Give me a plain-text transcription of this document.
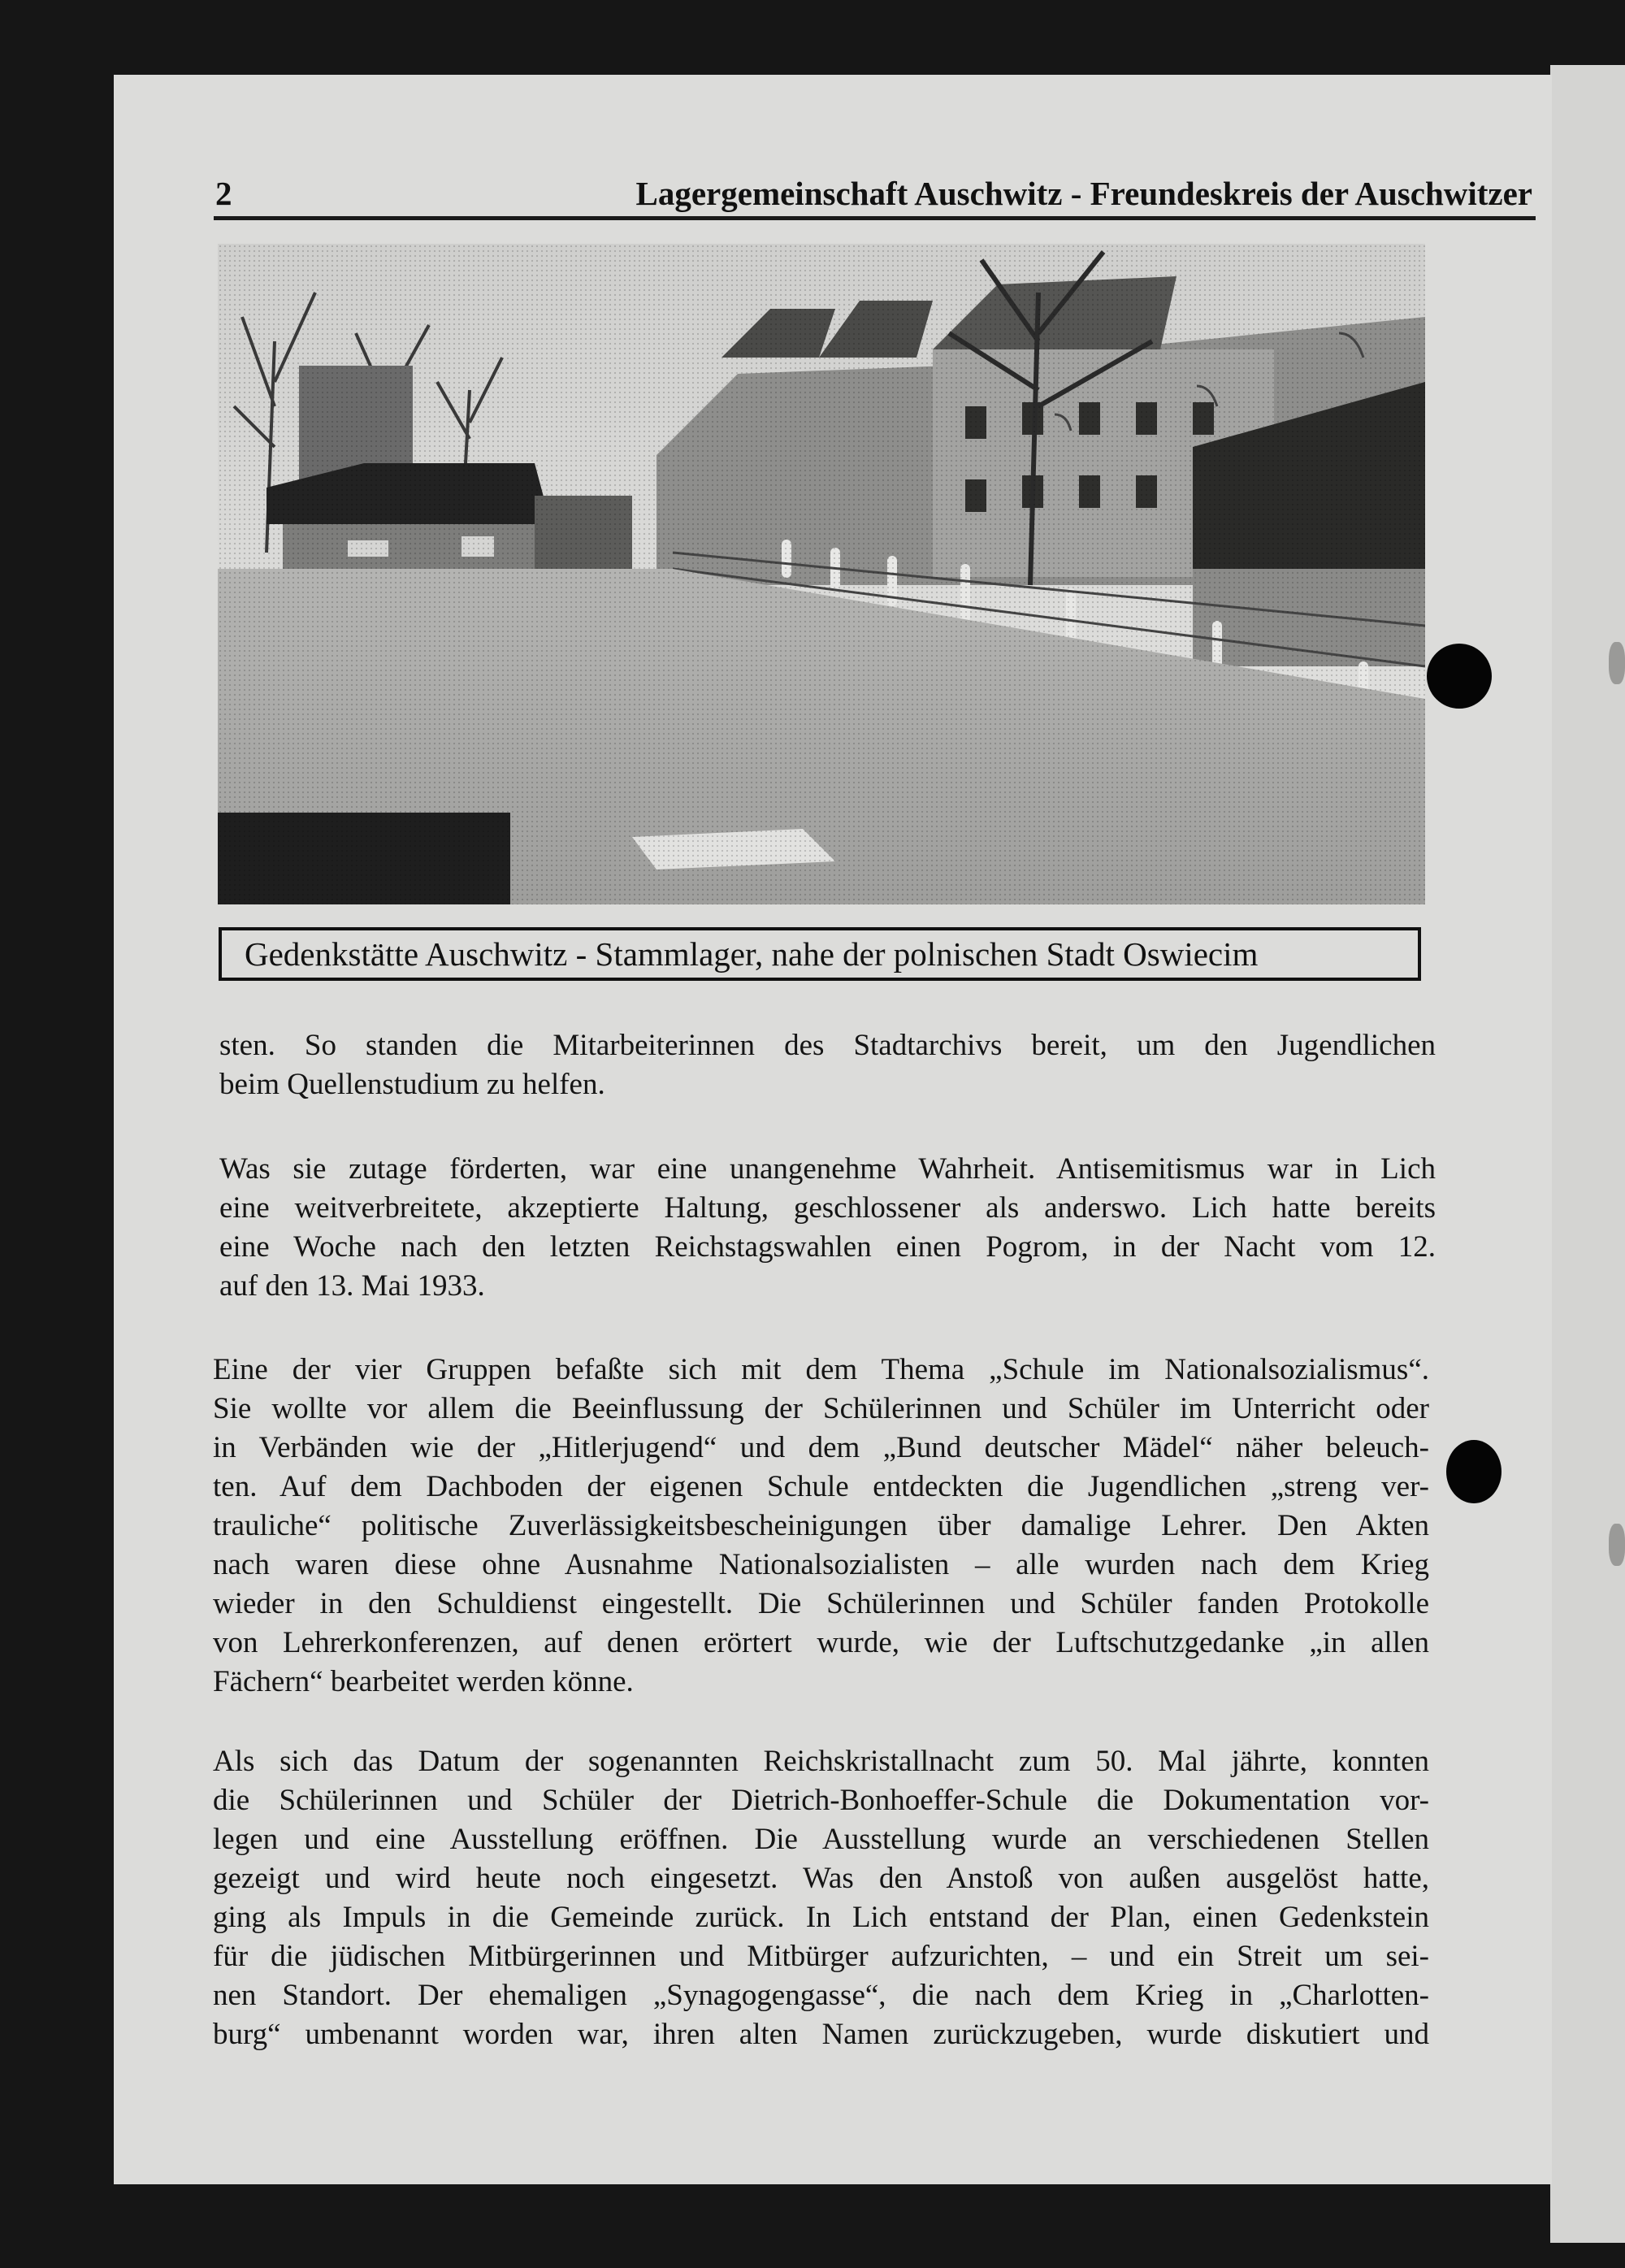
2	Lagergemeinschaft Auschwitz - Freundeskreis der Auschwitzer
Gedenkstätte Auschwitz - Stammlager, nahe der polnischen Stadt Oswiecim
sten. So standen die Mitarbeiterinnen des Stadtarchivs bereit, um den Jugendlichen
beim Quellenstudium zu helfen.
Was sie zutage förderten, war eine unangenehme Wahrheit. Antisemitismus war in Lich
eine weitverbreitete, akzeptierte Haltung, geschlossener als anderswo. Lich hatte bereits
eine Woche nach den letzten Reichstagswahlen einen Pogrom, in der Nacht vom 12.
auf den 13. Mai 1933.
Eine der vier Gruppen befaßte sich mit dem Thema „Schule im Nationalsozialismus“.
Sie wollte vor allem die Beeinflussung der Schülerinnen und Schüler im Unterricht oder
in Verbänden wie der „Hitlerjugend“ und dem „Bund deutscher Mädel“ näher beleuch-
ten. Auf dem Dachboden der eigenen Schule entdeckten die Jugendlichen „streng ver-
trauliche“ politische Zuverlässigkeitsbescheinigungen über damalige Lehrer. Den Akten
nach waren diese ohne Ausnahme Nationalsozialisten – alle wurden nach dem Krieg
wieder in den Schuldienst eingestellt. Die Schülerinnen und Schüler fanden Protokolle
von Lehrerkonferenzen, auf denen erörtert wurde, wie der Luftschutzgedanke „in allen
Fächern“ bearbeitet werden könne.
Als sich das Datum der sogenannten Reichskristallnacht zum 50. Mal jährte, konnten
die Schülerinnen und Schüler der Dietrich-Bonhoeffer-Schule die Dokumentation vor-
legen und eine Ausstellung eröffnen. Die Ausstellung wurde an verschiedenen Stellen
gezeigt und wird heute noch eingesetzt. Was den Anstoß von außen ausgelöst hatte,
ging als Impuls in die Gemeinde zurück. In Lich entstand der Plan, einen Gedenkstein
für die jüdischen Mitbürgerinnen und Mitbürger aufzurichten, – und ein Streit um sei-
nen Standort. Der ehemaligen „Synagogengasse“, die nach dem Krieg in „Charlotten-
burg“ umbenannt worden war, ihren alten Namen zurückzugeben, wurde diskutiert und
